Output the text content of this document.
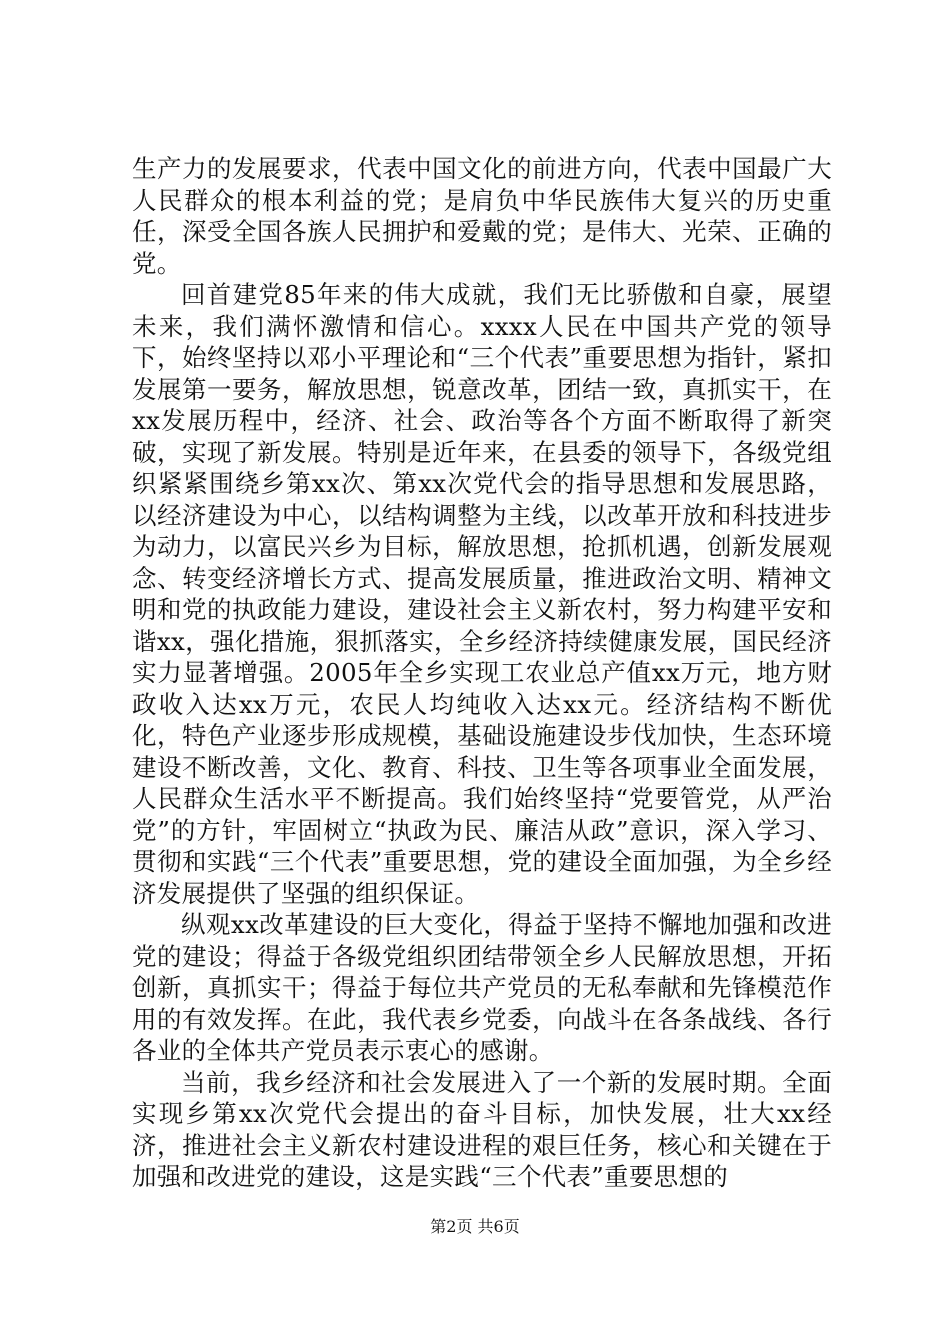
生产力的发展要求，代表中国文化的前进方向，代表中国最广大人民群众的根本利益的党；是肩负中华民族伟大复兴的历史重任，深受全国各族人民拥护和爱戴的党；是伟大、光荣、正确的党。

回首建党85年来的伟大成就，我们无比骄傲和自豪，展望未来，我们满怀激情和信心。xxxx人民在中国共产党的领导下，始终坚持以邓小平理论和“三个代表”重要思想为指针，紧扣发展第一要务，解放思想，锐意改革，团结一致，真抓实干，在xx发展历程中，经济、社会、政治等各个方面不断取得了新突破，实现了新发展。特别是近年来，在县委的领导下，各级党组织紧紧围绕乡第xx次、第xx次党代会的指导思想和发展思路，以经济建设为中心，以结构调整为主线，以改革开放和科技进步为动力，以富民兴乡为目标，解放思想，抢抓机遇，创新发展观念、转变经济增长方式、提高发展质量，推进政治文明、精神文明和党的执政能力建设，建设社会主义新农村，努力构建平安和谐xx，强化措施，狠抓落实，全乡经济持续健康发展，国民经济实力显著增强。2005年全乡实现工农业总产值xx万元，地方财政收入达xx万元，农民人均纯收入达xx元。经济结构不断优化，特色产业逐步形成规模，基础设施建设步伐加快，生态环境建设不断改善，文化、教育、科技、卫生等各项事业全面发展，人民群众生活水平不断提高。我们始终坚持“党要管党，从严治党”的方针，牢固树立“执政为民、廉洁从政”意识，深入学习、贯彻和实践“三个代表”重要思想，党的建设全面加强，为全乡经济发展提供了坚强的组织保证。

纵观xx改革建设的巨大变化，得益于坚持不懈地加强和改进党的建设；得益于各级党组织团结带领全乡人民解放思想，开拓创新，真抓实干；得益于每位共产党员的无私奉献和先锋模范作用的有效发挥。在此，我代表乡党委，向战斗在各条战线、各行各业的全体共产党员表示衷心的感谢。

当前，我乡经济和社会发展进入了一个新的发展时期。全面实现乡第xx次党代会提出的奋斗目标，加快发展，壮大xx经济，推进社会主义新农村建设进程的艰巨任务，核心和关键在于加强和改进党的建设，这是实践“三个代表”重要思想的

第2页 共6页
